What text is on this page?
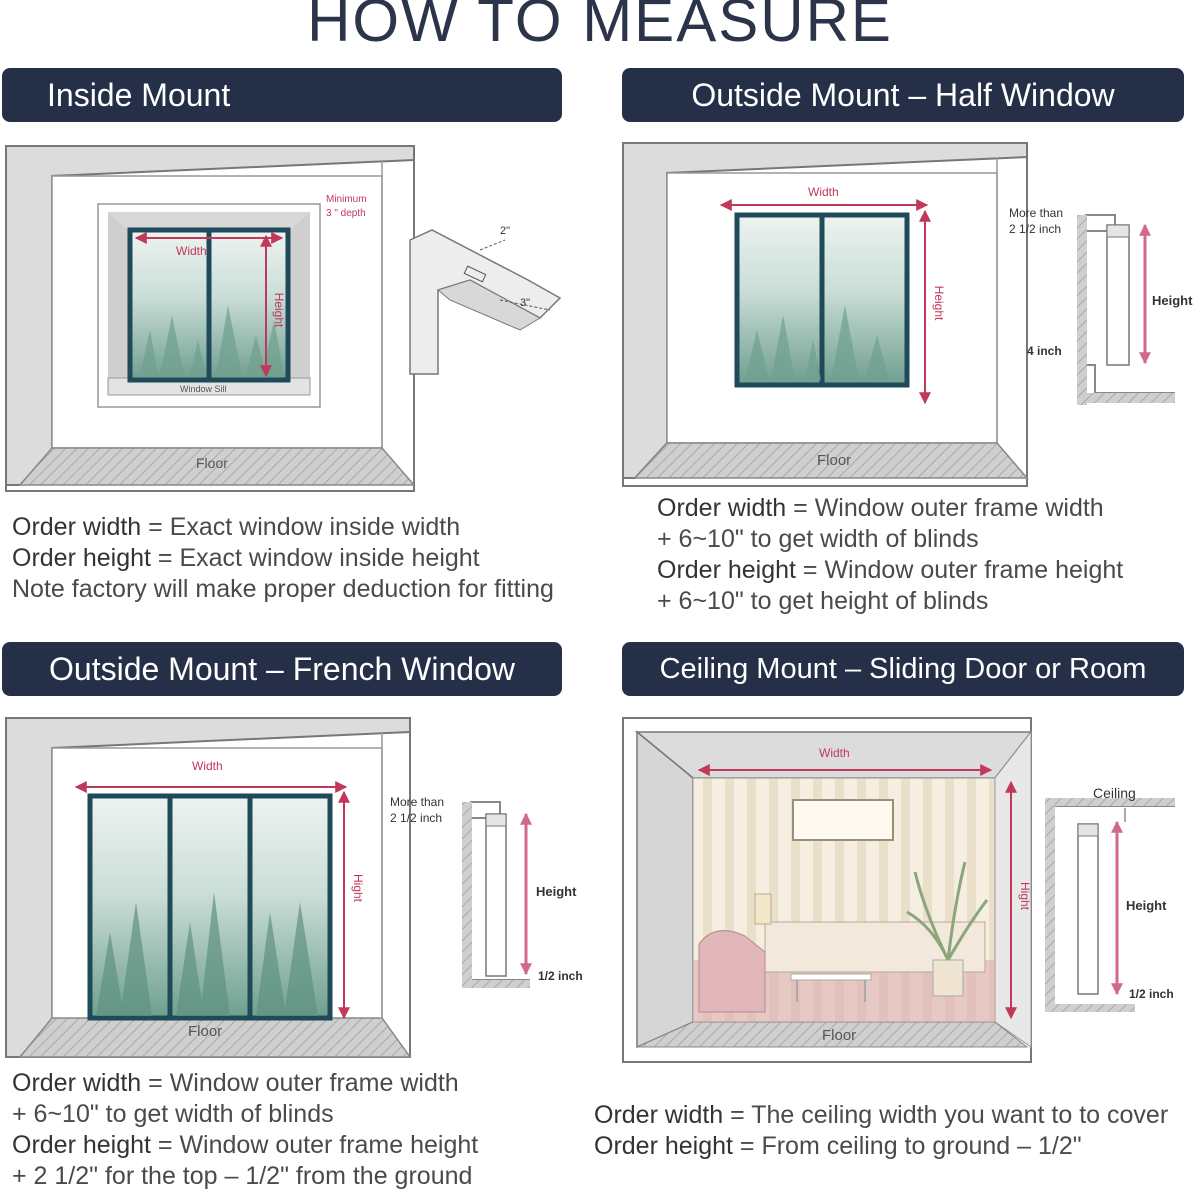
HOW TO MEASURE
Inside Mount	Outside Mount – Half Window
Outside Mount – French Window	Ceiling Mount – Sliding Door or Room
Width
Height
Minimum
3 " depth
Window Sill
Floor
2"
3"
Order width = Exact window inside width
Order height = Exact window inside height
Note factory will make proper deduction for fitting
Width
Height
Floor
More than
2 1/2 inch
4 inch
Height
Order width = Window outer frame width
+ 6~10" to get width of blinds
Order height = Window outer frame height
+ 6~10" to get height of blinds
Width
Hight
Floor
More than
2 1/2 inch
Height
1/2 inch
Order width = Window outer frame width
+ 6~10" to get width of blinds
Order height = Window outer frame height
+ 2 1/2" for the top – 1/2" from the ground
Width
Hight
Floor
Ceiling
Height
1/2 inch
Order width = The ceiling width you want to to cover
Order height = From ceiling to ground – 1/2"
